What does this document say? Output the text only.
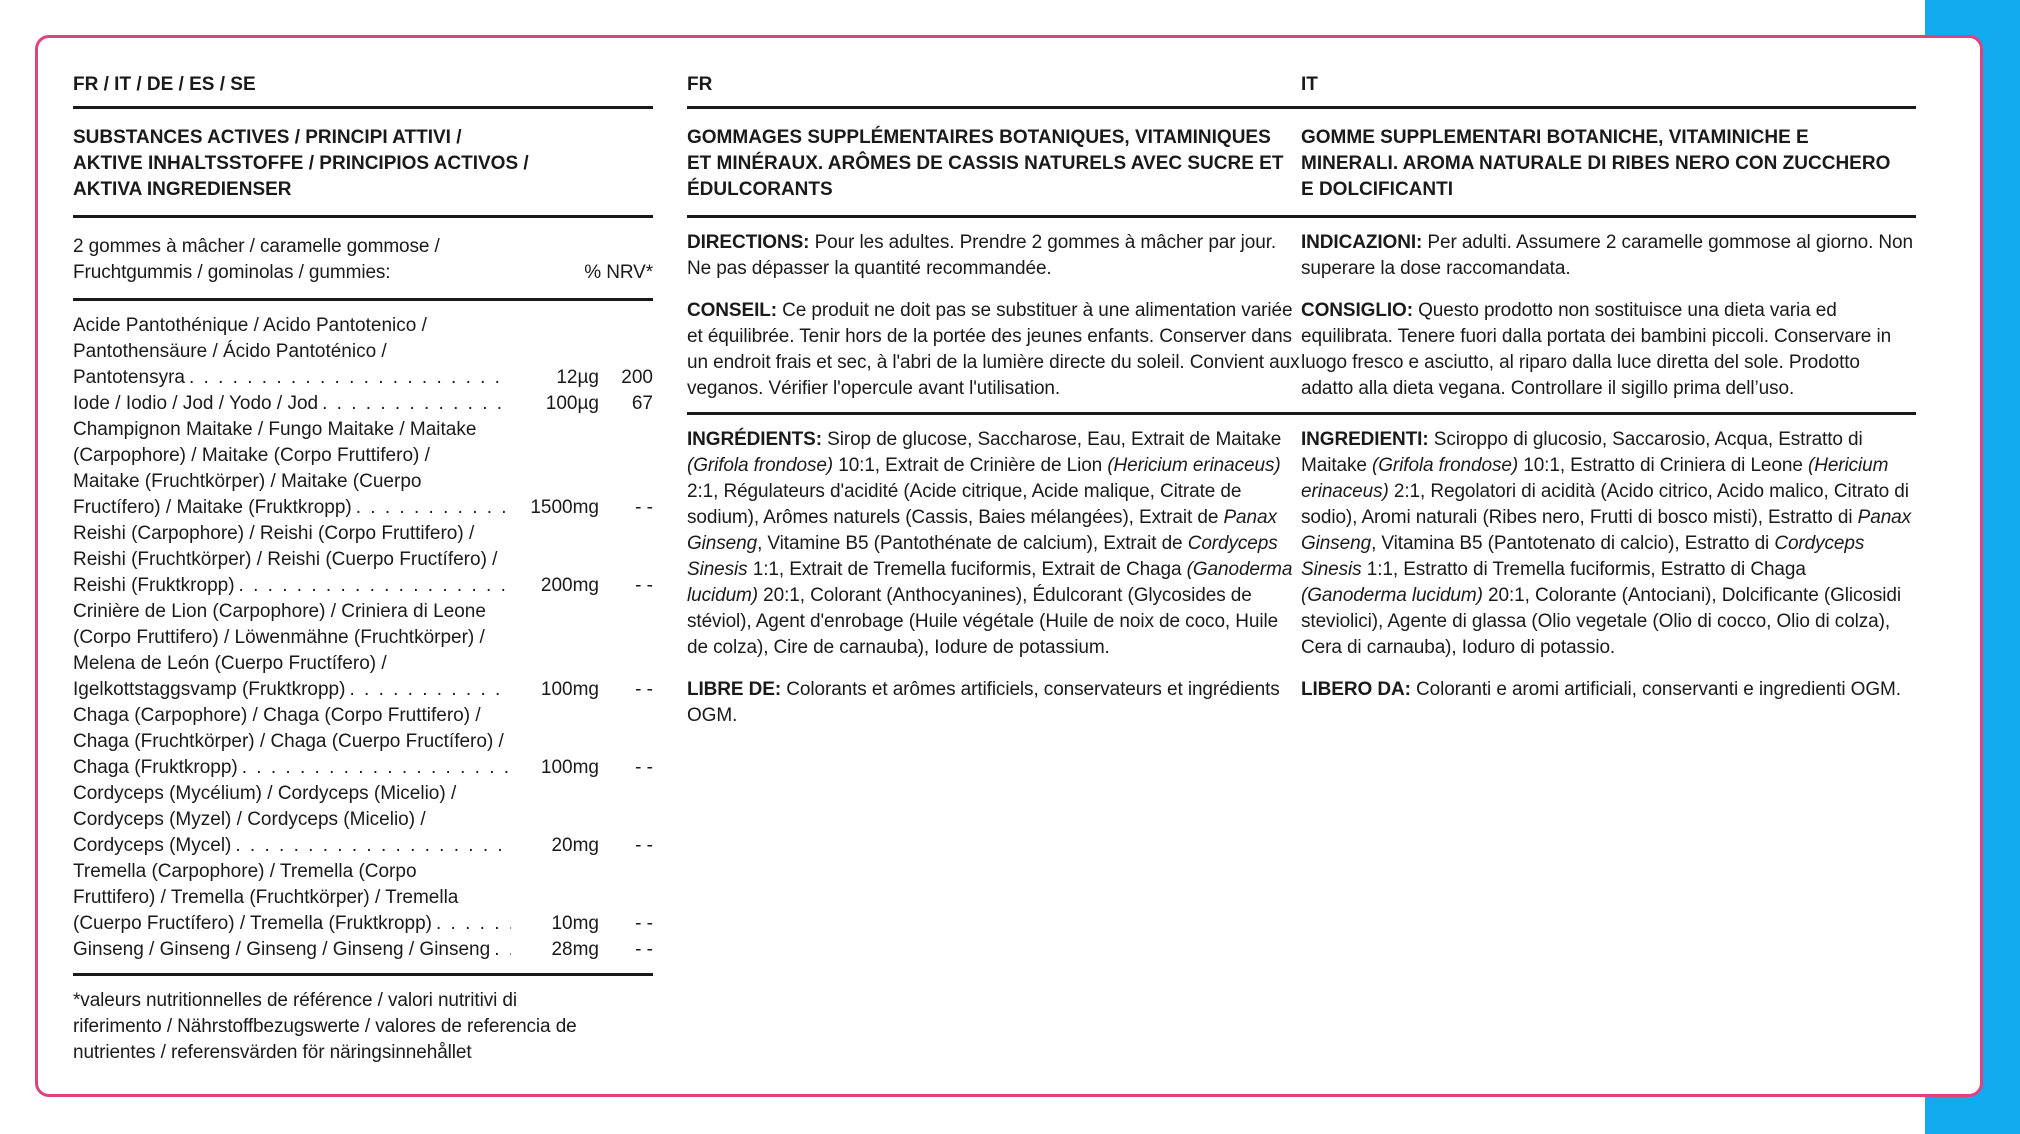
FR / IT / DE / ES / SE
SUBSTANCES ACTIVES / PRINCIPI ATTIVI /
AKTIVE INHALTSSTOFFE / PRINCIPIOS ACTIVOS /
AKTIVA INGREDIENSER
2 gommes à mâcher / caramelle gommose /
Fruchtgummis / gominolas / gummies:	% NRV*
Acide Pantothénique / Acido Pantotenico /
Pantothensäure / Ácido Pantoténico /
Pantotensyra . . .	12µg	200
Iode / Iodio / Jod / Yodo / Jod . . .	100µg	67
Champignon Maitake / Fungo Maitake / Maitake
(Carpophore) / Maitake (Corpo Fruttifero) /
Maitake (Fruchtkörper) / Maitake (Cuerpo
Fructífero) / Maitake (Fruktkropp) . . .	1500mg	- -
Reishi (Carpophore) / Reishi (Corpo Fruttifero) /
Reishi (Fruchtkörper) / Reishi (Cuerpo Fructífero) /
Reishi (Fruktkropp) . . .	200mg	- -
Crinière de Lion (Carpophore) / Criniera di Leone
(Corpo Fruttifero) / Löwenmähne (Fruchtkörper) /
Melena de León (Cuerpo Fructífero) /
Igelkottstaggsvamp (Fruktkropp) . . .	100mg	- -
Chaga (Carpophore) / Chaga (Corpo Fruttifero) /
Chaga (Fruchtkörper) / Chaga (Cuerpo Fructífero) /
Chaga (Fruktkropp) . . .	100mg	- -
Cordyceps (Mycélium) / Cordyceps (Micelio) /
Cordyceps (Myzel) / Cordyceps (Micelio) /
Cordyceps (Mycel) . . .	20mg	- -
Tremella (Carpophore) / Tremella (Corpo
Fruttifero) / Tremella (Fruchtkörper) / Tremella
(Cuerpo Fructífero) / Tremella (Fruktkropp) . . .	10mg	- -
Ginseng / Ginseng / Ginseng / Ginseng / Ginseng . . .	28mg	- -
*valeurs nutritionnelles de référence / valori nutritivi di
riferimento / Nährstoffbezugswerte / valores de referencia de
nutrientes / referensvärden för näringsinnehållet
FR
GOMMAGES SUPPLÉMENTAIRES BOTANIQUES, VITAMINIQUES
ET MINÉRAUX. ARÔMES DE CASSIS NATURELS AVEC SUCRE ET
ÉDULCORANTS
DIRECTIONS: Pour les adultes. Prendre 2 gommes à mâcher par jour. Ne pas dépasser la quantité recommandée.
CONSEIL: Ce produit ne doit pas se substituer à une alimentation variée et équilibrée. Tenir hors de la portée des jeunes enfants. Conserver dans un endroit frais et sec, à l'abri de la lumière directe du soleil. Convient aux veganos. Vérifier l'opercule avant l'utilisation.
INGRÉDIENTS: Sirop de glucose, Saccharose, Eau, Extrait de Maitake (Grifola frondose) 10:1, Extrait de Crinière de Lion (Hericium erinaceus) 2:1, Régulateurs d'acidité (Acide citrique, Acide malique, Citrate de sodium), Arômes naturels (Cassis, Baies mélangées), Extrait de Panax Ginseng, Vitamine B5 (Pantothénate de calcium), Extrait de Cordyceps Sinesis 1:1, Extrait de Tremella fuciformis, Extrait de Chaga (Ganoderma lucidum) 20:1, Colorant (Anthocyanines), Édulcorant (Glycosides de stéviol), Agent d'enrobage (Huile végétale (Huile de noix de coco, Huile de colza), Cire de carnauba), Iodure de potassium.
LIBRE DE: Colorants et arômes artificiels, conservateurs et ingrédients OGM.
IT
GOMME SUPPLEMENTARI BOTANICHE, VITAMINICHE E
MINERALI. AROMA NATURALE DI RIBES NERO CON ZUCCHERO
E DOLCIFICANTI
INDICAZIONI: Per adulti. Assumere 2 caramelle gommose al giorno. Non superare la dose raccomandata.
CONSIGLIO: Questo prodotto non sostituisce una dieta varia ed equilibrata. Tenere fuori dalla portata dei bambini piccoli. Conservare in luogo fresco e asciutto, al riparo dalla luce diretta del sole. Prodotto adatto alla dieta vegana. Controllare il sigillo prima dell’uso.
INGREDIENTI: Sciroppo di glucosio, Saccarosio, Acqua, Estratto di Maitake (Grifola frondose) 10:1, Estratto di Criniera di Leone (Hericium erinaceus) 2:1, Regolatori di acidità (Acido citrico, Acido malico, Citrato di sodio), Aromi naturali (Ribes nero, Frutti di bosco misti), Estratto di Panax Ginseng, Vitamina B5 (Pantotenato di calcio), Estratto di Cordyceps Sinesis 1:1, Estratto di Tremella fuciformis, Estratto di Chaga (Ganoderma lucidum) 20:1, Colorante (Antociani), Dolcificante (Glicosidi steviolici), Agente di glassa (Olio vegetale (Olio di cocco, Olio di colza), Cera di carnauba), Ioduro di potassio.
LIBERO DA: Coloranti e aromi artificiali, conservanti e ingredienti OGM.
